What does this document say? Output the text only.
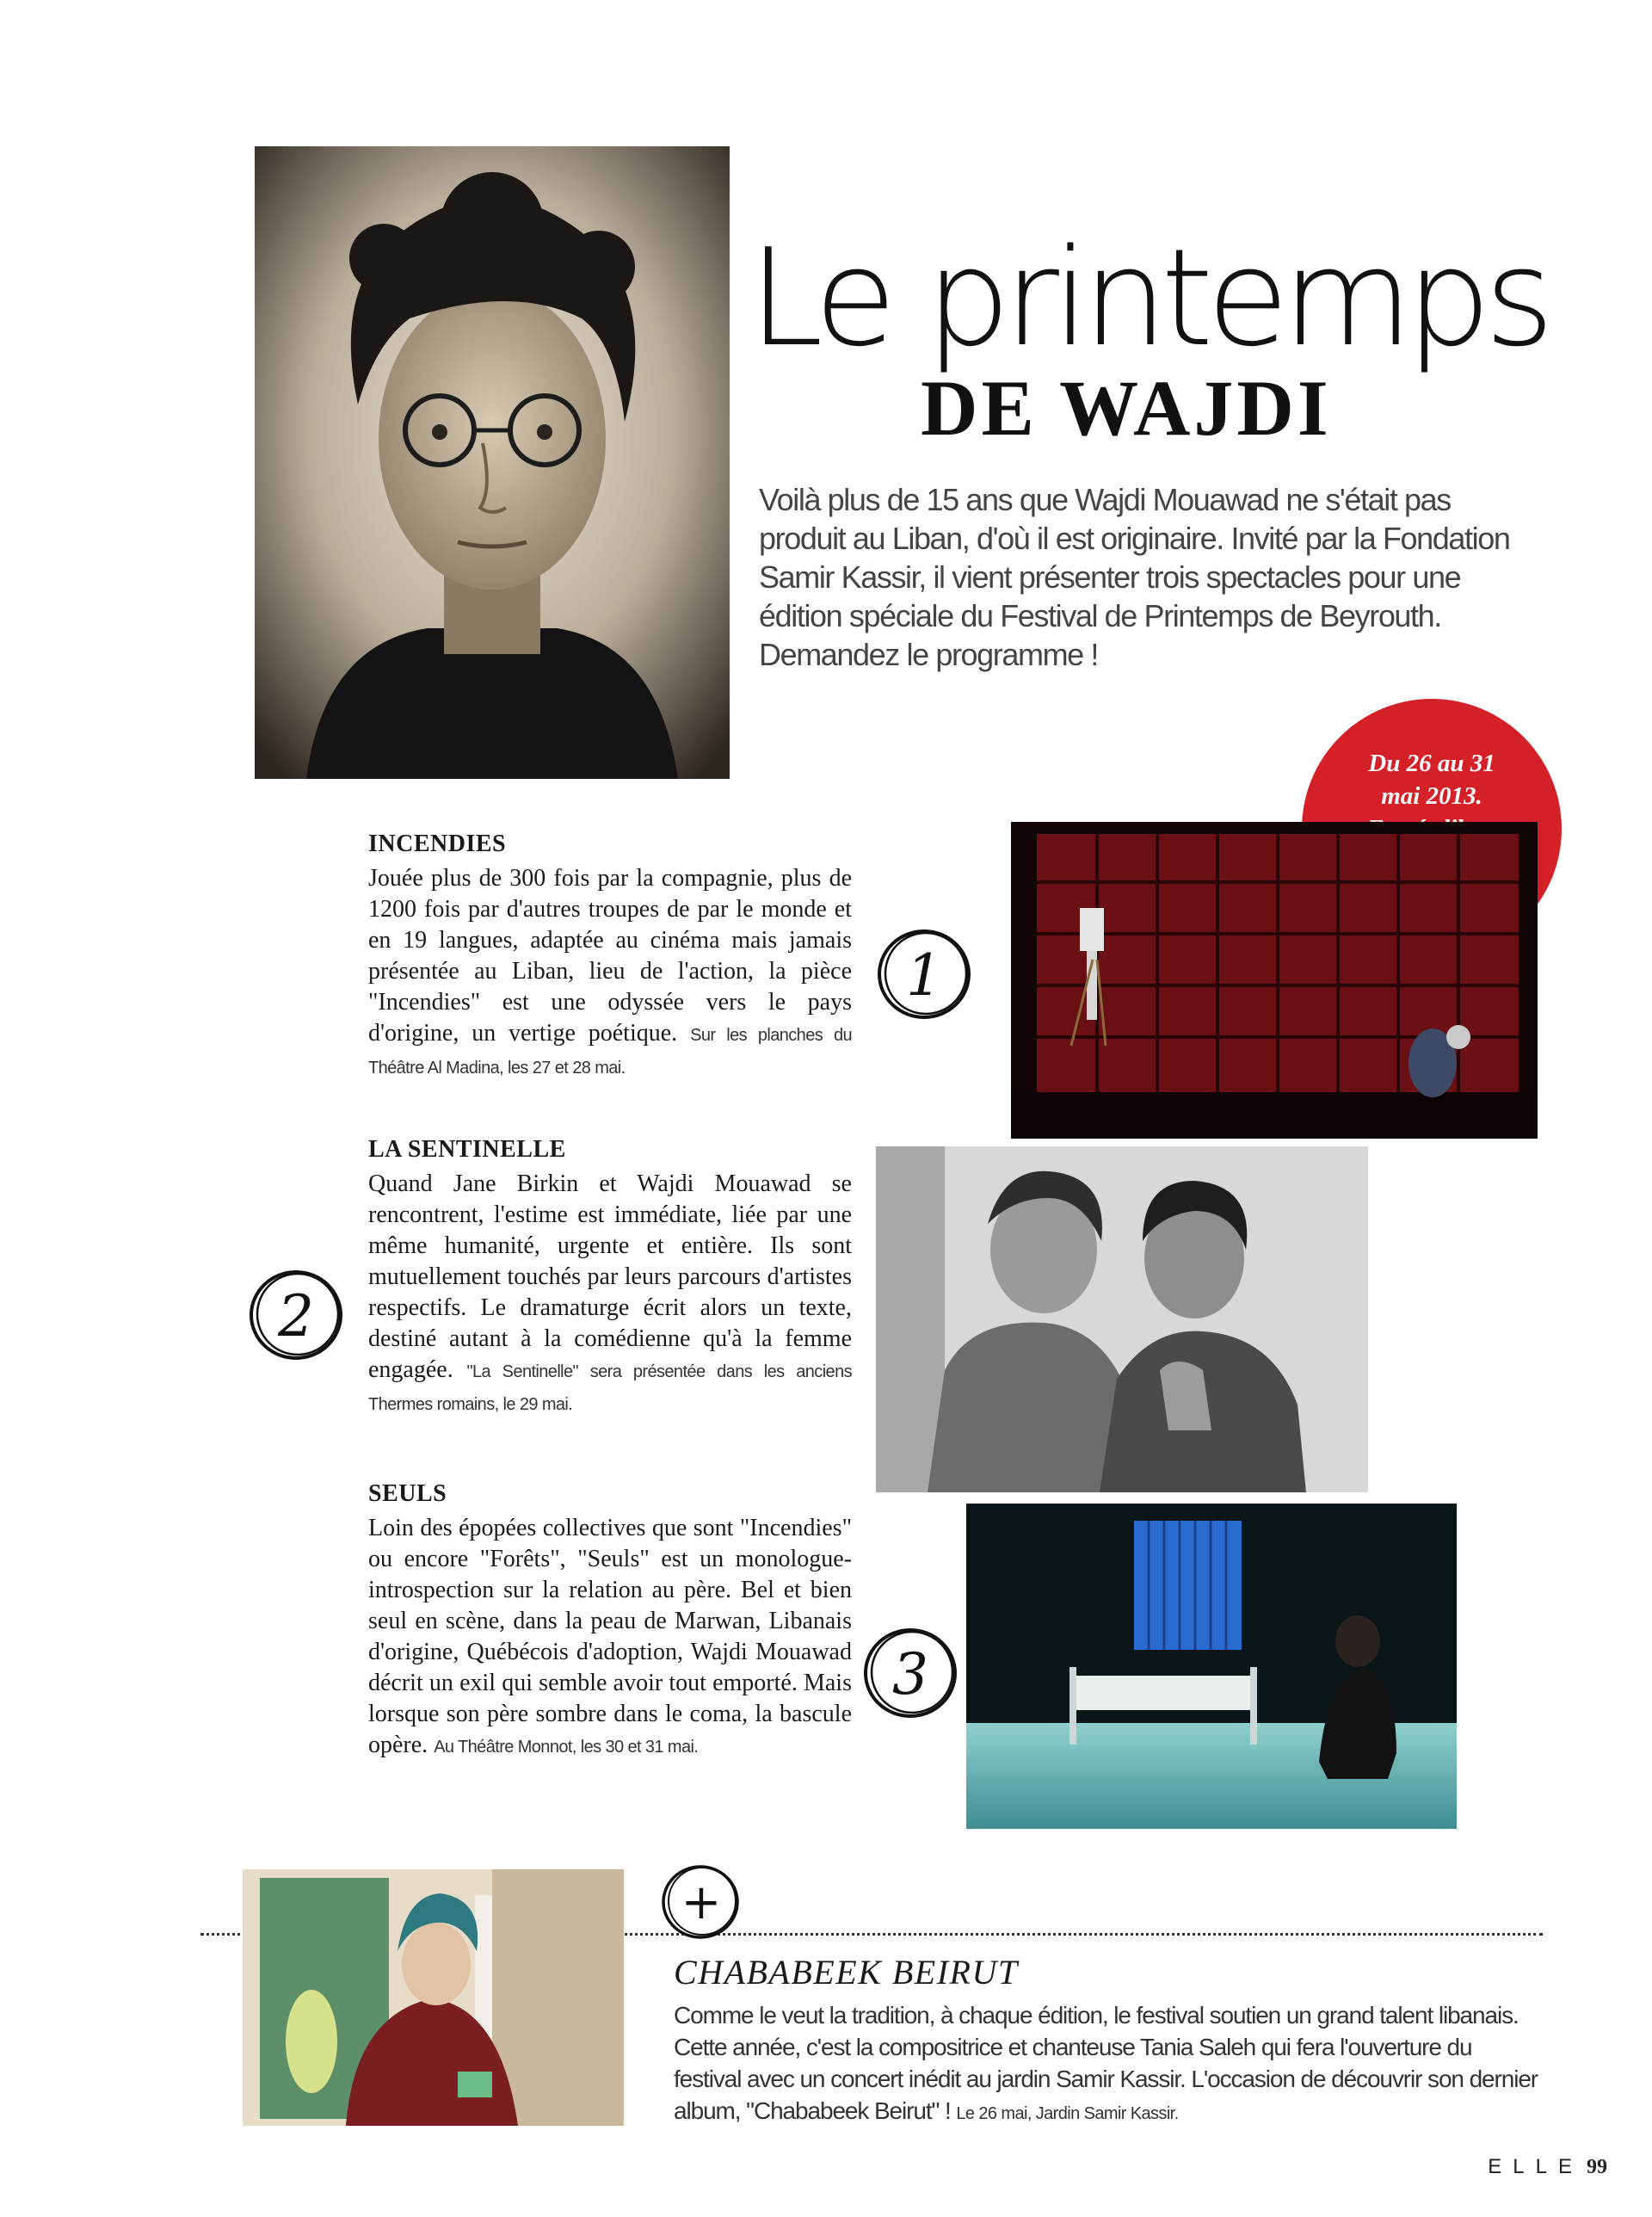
Le printemps
DE WAJDI
Voilà plus de 15 ans que Wajdi Mouawad ne s'était pas produit au Liban, d'où il est originaire. Invité par la Fondation Samir Kassir, il vient présenter trois spectacles pour une édition spéciale du Festival de Printemps de Beyrouth. Demandez le programme !
Du 26 au 31
mai 2013.
INCENDIES

Jouée plus de 300 fois par la compagnie, plus de 1200 fois par d'autres troupes de par le monde et en 19 langues, adaptée au cinéma mais jamais présentée au Liban, lieu de l'action, la pièce "Incendies" est une odyssée vers le pays d'origine, un vertige poétique. Sur les planches du Théâtre Al Madina, les 27 et 28 mai.

LA SENTINELLE

Quand Jane Birkin et Wajdi Mouawad se rencontrent, l'estime est immédiate, liée par une même humanité, urgente et entière. Ils sont mutuellement touchés par leurs parcours d'artistes respectifs. Le dramaturge écrit alors un texte, destiné autant à la comédienne qu'à la femme engagée. "La Sentinelle" sera présentée dans les anciens Thermes romains, le 29 mai.

SEULS

Loin des épopées collectives que sont "Incendies" ou encore "Forêts", "Seuls" est un monologue-introspection sur la relation au père. Bel et bien seul en scène, dans la peau de Marwan, Libanais d'origine, Québécois d'adoption, Wajdi Mouawad décrit un exil qui semble avoir tout emporté. Mais lorsque son père sombre dans le coma, la bascule opère. Au Théâtre Monnot, les 30 et 31 mai.

1
2
3
+
CHABABEEK BEIRUT
Comme le veut la tradition, à chaque édition, le festival soutien un grand talent libanais. Cette année, c'est la compositrice et chanteuse Tania Saleh qui fera l'ouverture du festival avec un concert inédit au jardin Samir Kassir. L'occasion de découvrir son dernier album, "Chababeek Beirut" ! Le 26 mai, Jardin Samir Kassir.
ELLE 99
